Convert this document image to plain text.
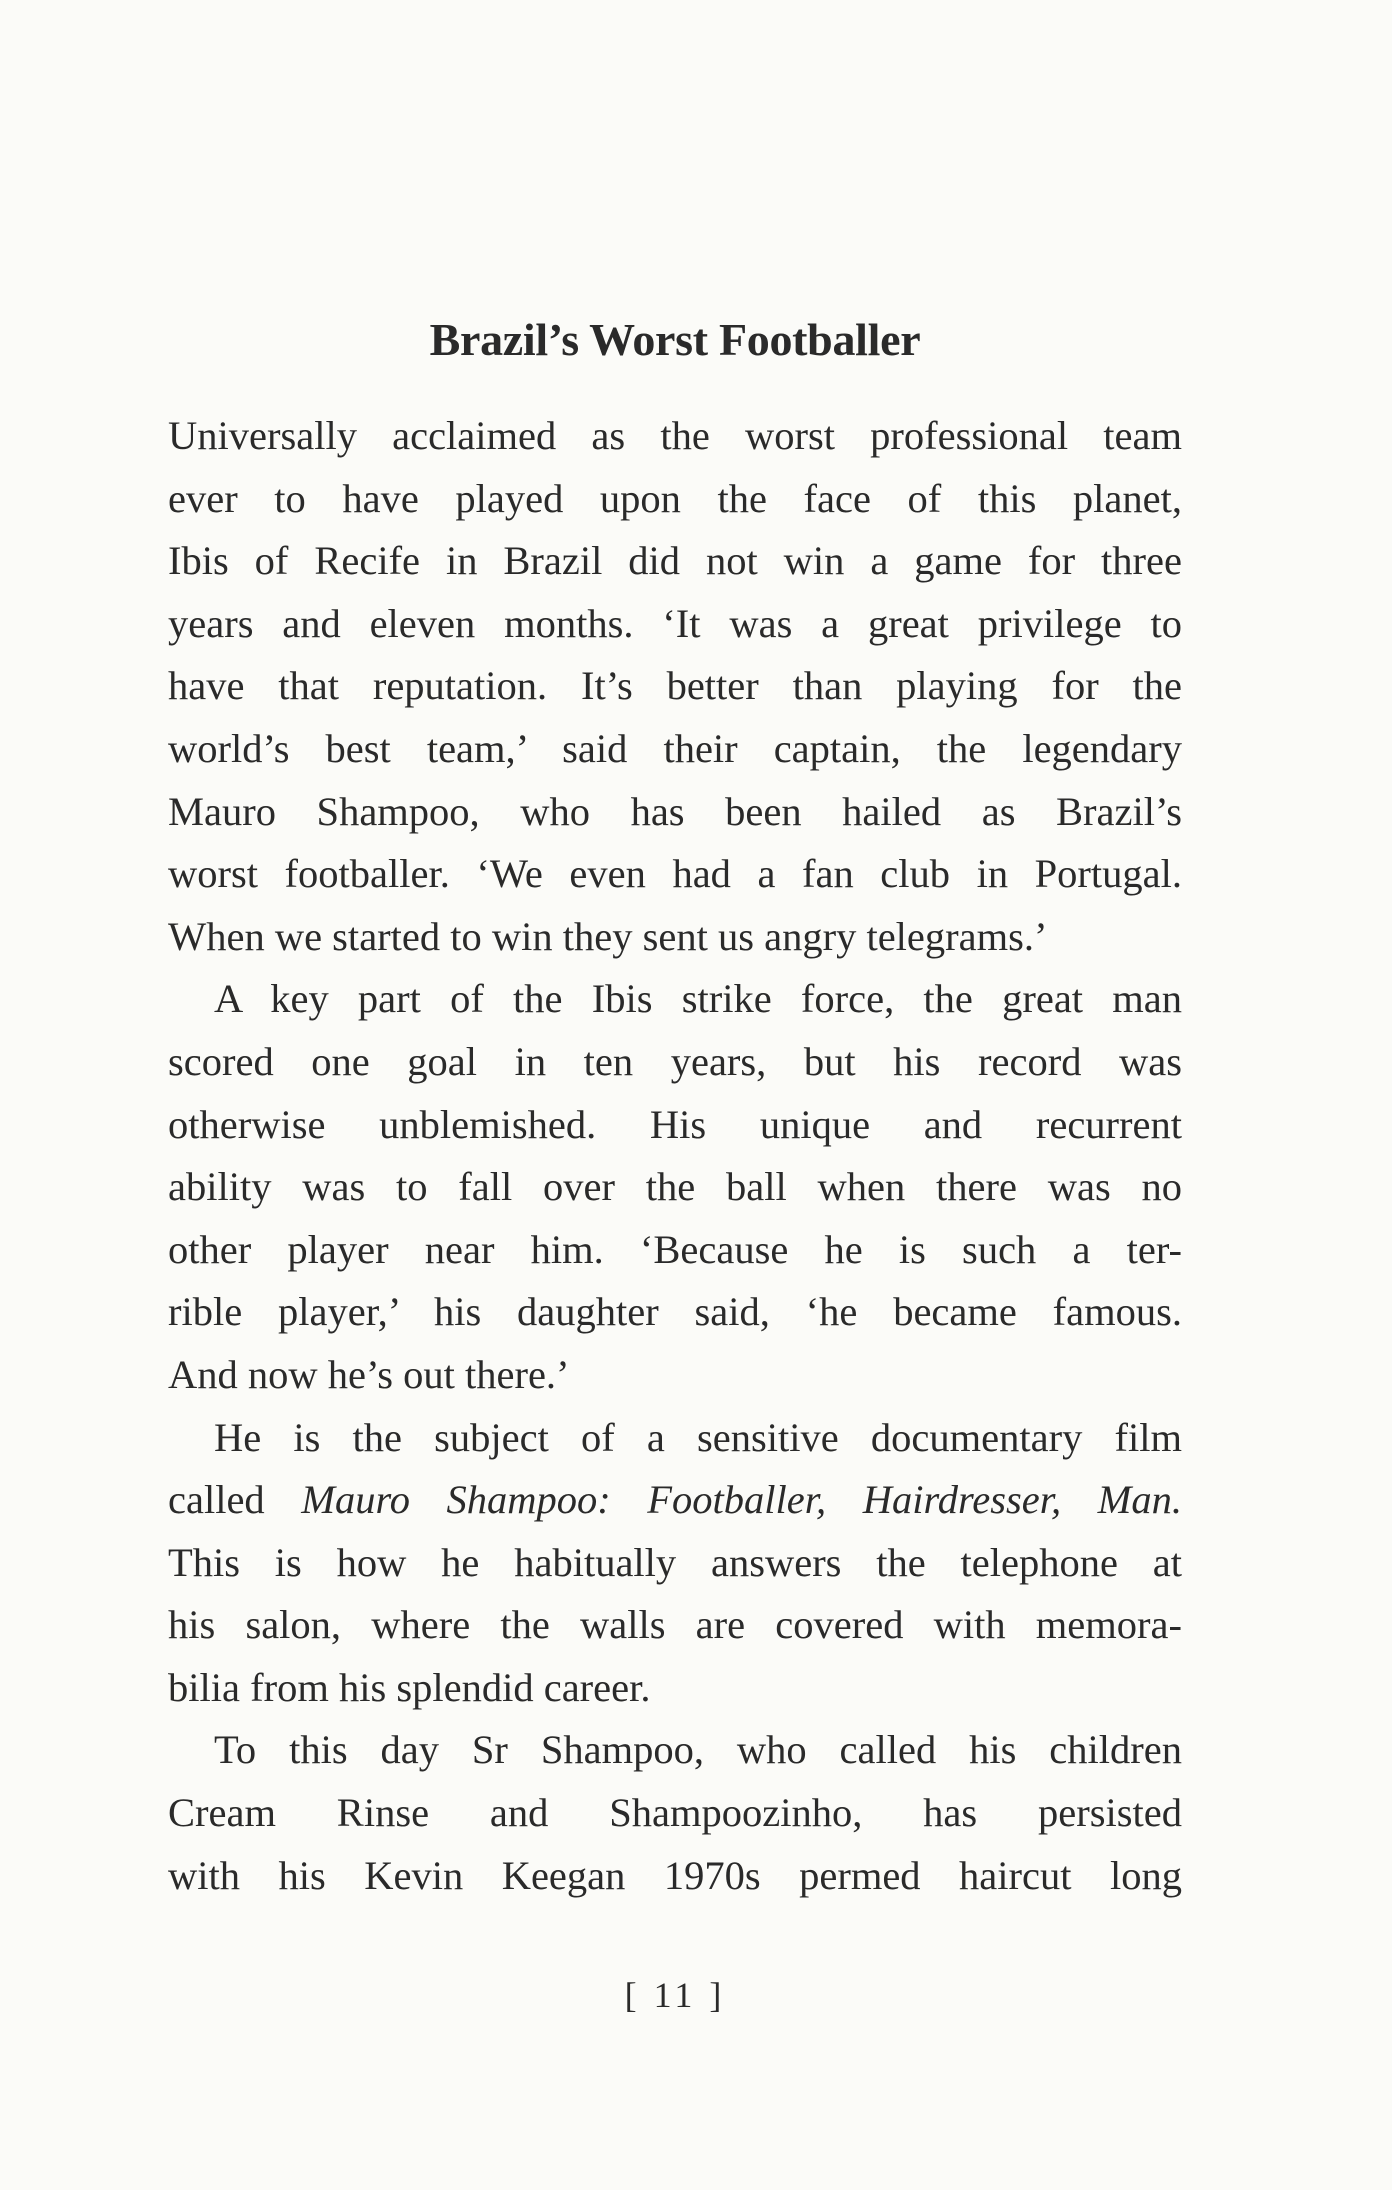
Brazil’s Worst Footballer
Universally acclaimed as the worst professional team
ever to have played upon the face of this planet,
Ibis of Recife in Brazil did not win a game for three
years and eleven months. ‘It was a great privilege to
have that reputation. It’s better than playing for the
world’s best team,’ said their captain, the legendary
Mauro Shampoo, who has been hailed as Brazil’s
worst footballer. ‘We even had a fan club in Portugal.
When we started to win they sent us angry telegrams.’
A key part of the Ibis strike force, the great man
scored one goal in ten years, but his record was
otherwise unblemished. His unique and recurrent
ability was to fall over the ball when there was no
other player near him. ‘Because he is such a ter-
rible player,’ his daughter said, ‘he became famous.
And now he’s out there.’
He is the subject of a sensitive documentary film
called Mauro Shampoo: Footballer, Hairdresser, Man.
This is how he habitually answers the telephone at
his salon, where the walls are covered with memora-
bilia from his splendid career.
To this day Sr Shampoo, who called his children
Cream Rinse and Shampoozinho, has persisted
with his Kevin Keegan 1970s permed haircut long
[ 11 ]
